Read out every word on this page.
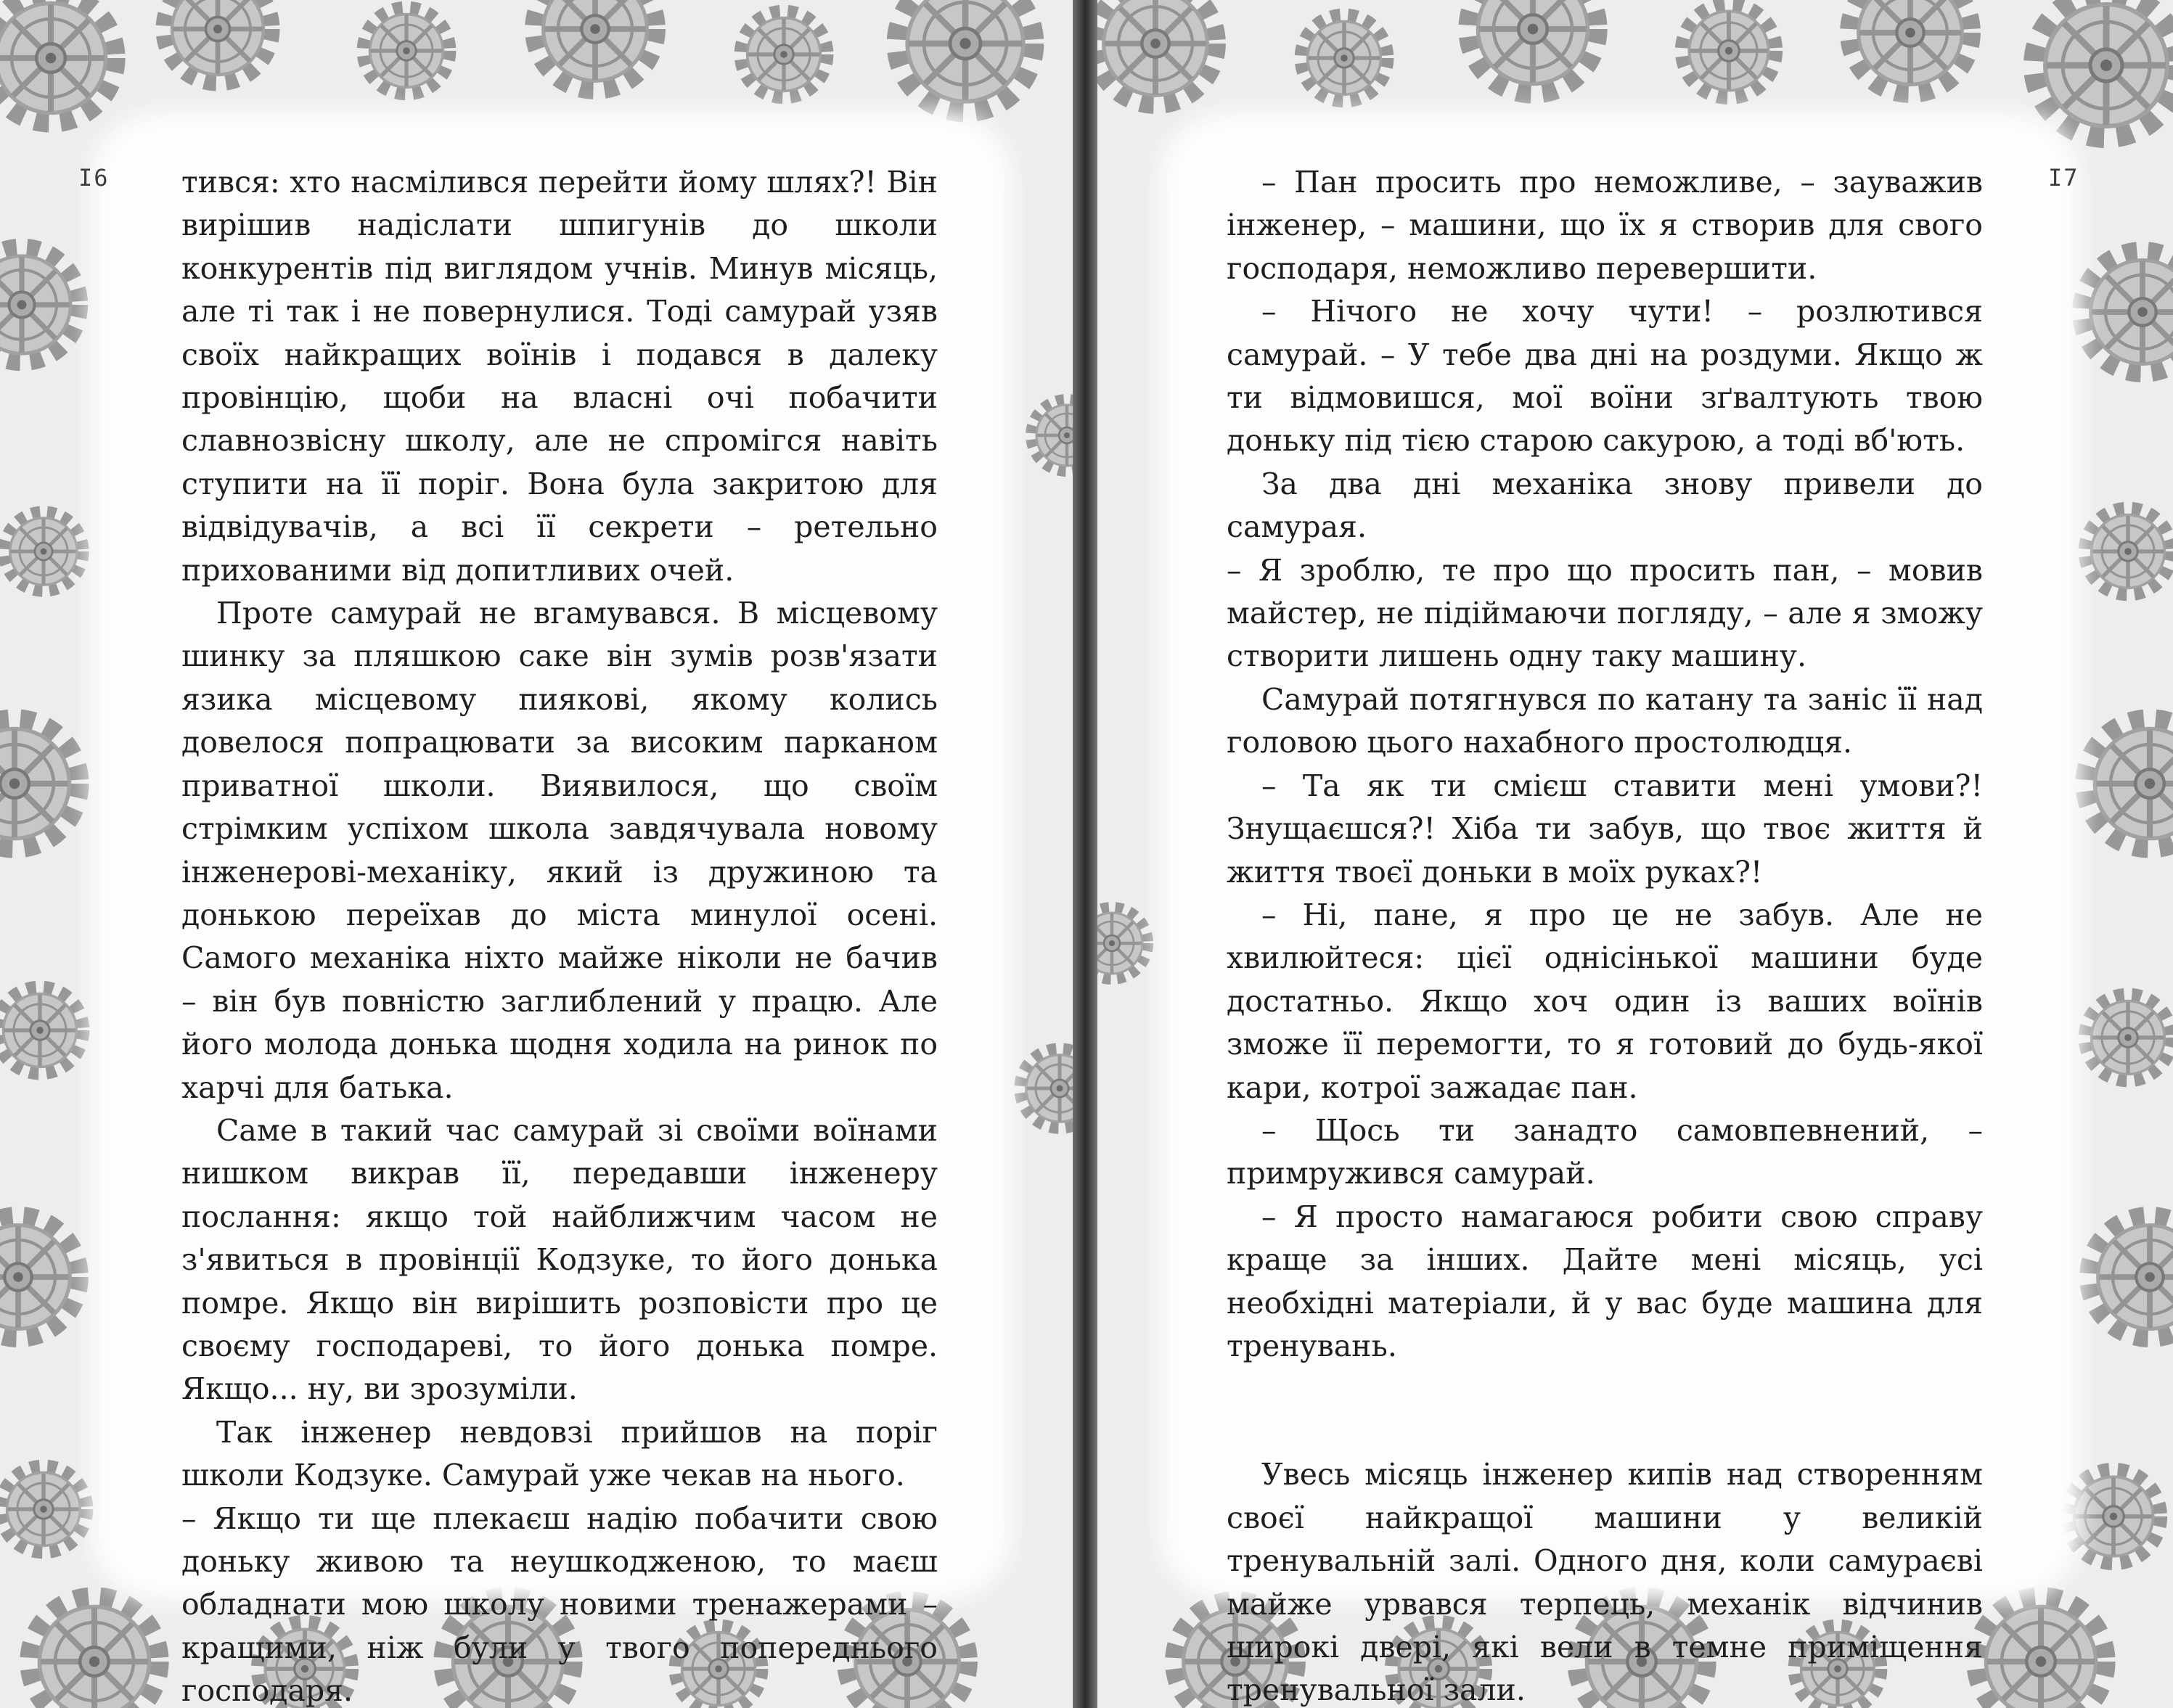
I6 тився: хто насмілився перейти йому шлях?! Він вирішив надіслати шпигунів до школи конкурентів під виглядом учнів. Минув місяць, але ті так і не повернулися. Тоді самурай узяв своїх найкращих воїнів і подався в далеку провінцію, щоби на власні очі побачити славнозвісну школу, але не спромігся навіть ступити на її поріг. Вона була закритою для відвідувачів, а всі її секрети – ретельно прихованими від допитливих очей.

Проте самурай не вгамувався. В місцевому шинку за пляшкою саке він зумів розв'язати язика місцевому пиякові, якому колись довелося попрацювати за високим парканом приватної школи. Виявилося, що своїм стрімким успіхом школа завдячувала новому інженерові-механіку, який із дружиною та донькою переїхав до міста минулої осені. Самого механіка ніхто майже ніколи не бачив – він був повністю заглиблений у працю. Але його молода донька щодня ходила на ринок по харчі для батька.

Саме в такий час самурай зі своїми воїнами нишком викрав її, передавши інженеру послання: якщо той найближчим часом не з'явиться в провінції Кодзуке, то його донька помре. Якщо він вирішить розповісти про це своєму господареві, то його донька помре. Якщо... ну, ви зрозуміли.

Так інженер невдовзі прийшов на поріг школи Кодзуке. Самурай уже чекав на нього.

– Якщо ти ще плекаєш надію побачити свою доньку живою та неушкодженою, то маєш обладнати мою школу новими тренажерами – кращими, ніж були у твого попереднього господаря.

I7

– Пан просить про неможливе, – зауважив інженер, – машини, що їх я створив для свого господаря, неможливо перевершити.

– Нічого не хочу чути! – розлютився самурай. – У тебе два дні на роздуми. Якщо ж ти відмовишся, мої воїни зґвалтують твою доньку під тією старою сакурою, а тоді вб'ють.

За два дні механіка знову привели до самурая.

– Я зроблю, те про що просить пан, – мовив майстер, не підіймаючи погляду, – але я зможу створити лишень одну таку машину.

Самурай потягнувся по катану та заніс її над головою цього нахабного простолюдця.

– Та як ти смієш ставити мені умови?! Знущаєшся?! Хіба ти забув, що твоє життя й життя твоєї доньки в моїх руках?!

– Ні, пане, я про це не забув. Але не хвилюйтеся: цієї однісінької машини буде достатньо. Якщо хоч один із ваших воїнів зможе її перемогти, то я готовий до будь-якої кари, котрої зажадає пан.

– Щось ти занадто самовпевнений, – примружився самурай.

– Я просто намагаюся робити свою справу краще за інших. Дайте мені місяць, усі необхідні матеріали, й у вас буде машина для тренувань.

Увесь місяць інженер кипів над створенням своєї найкращої машини у великій тренувальній залі. Одного дня, коли самураєві майже урвався терпець, механік відчинив широкі двері, які вели в темне приміщення тренувальної зали.
